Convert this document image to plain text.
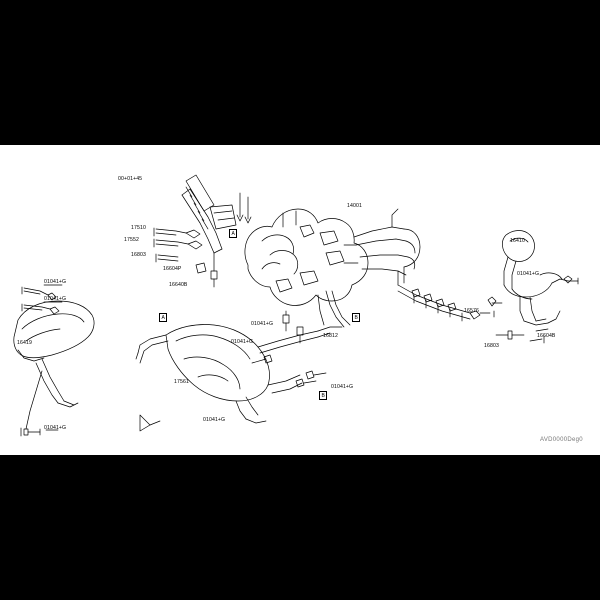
00+01+45
17510
17552
16803
16604P
16640B
14001
01041+G
01041+G
16419
01041+G
01041+G
16576
16803
16604B
01041+G
01041+G
16812
17561
01041+G
01041+G
16410
A
A	B
B
AVD0000Deg0
